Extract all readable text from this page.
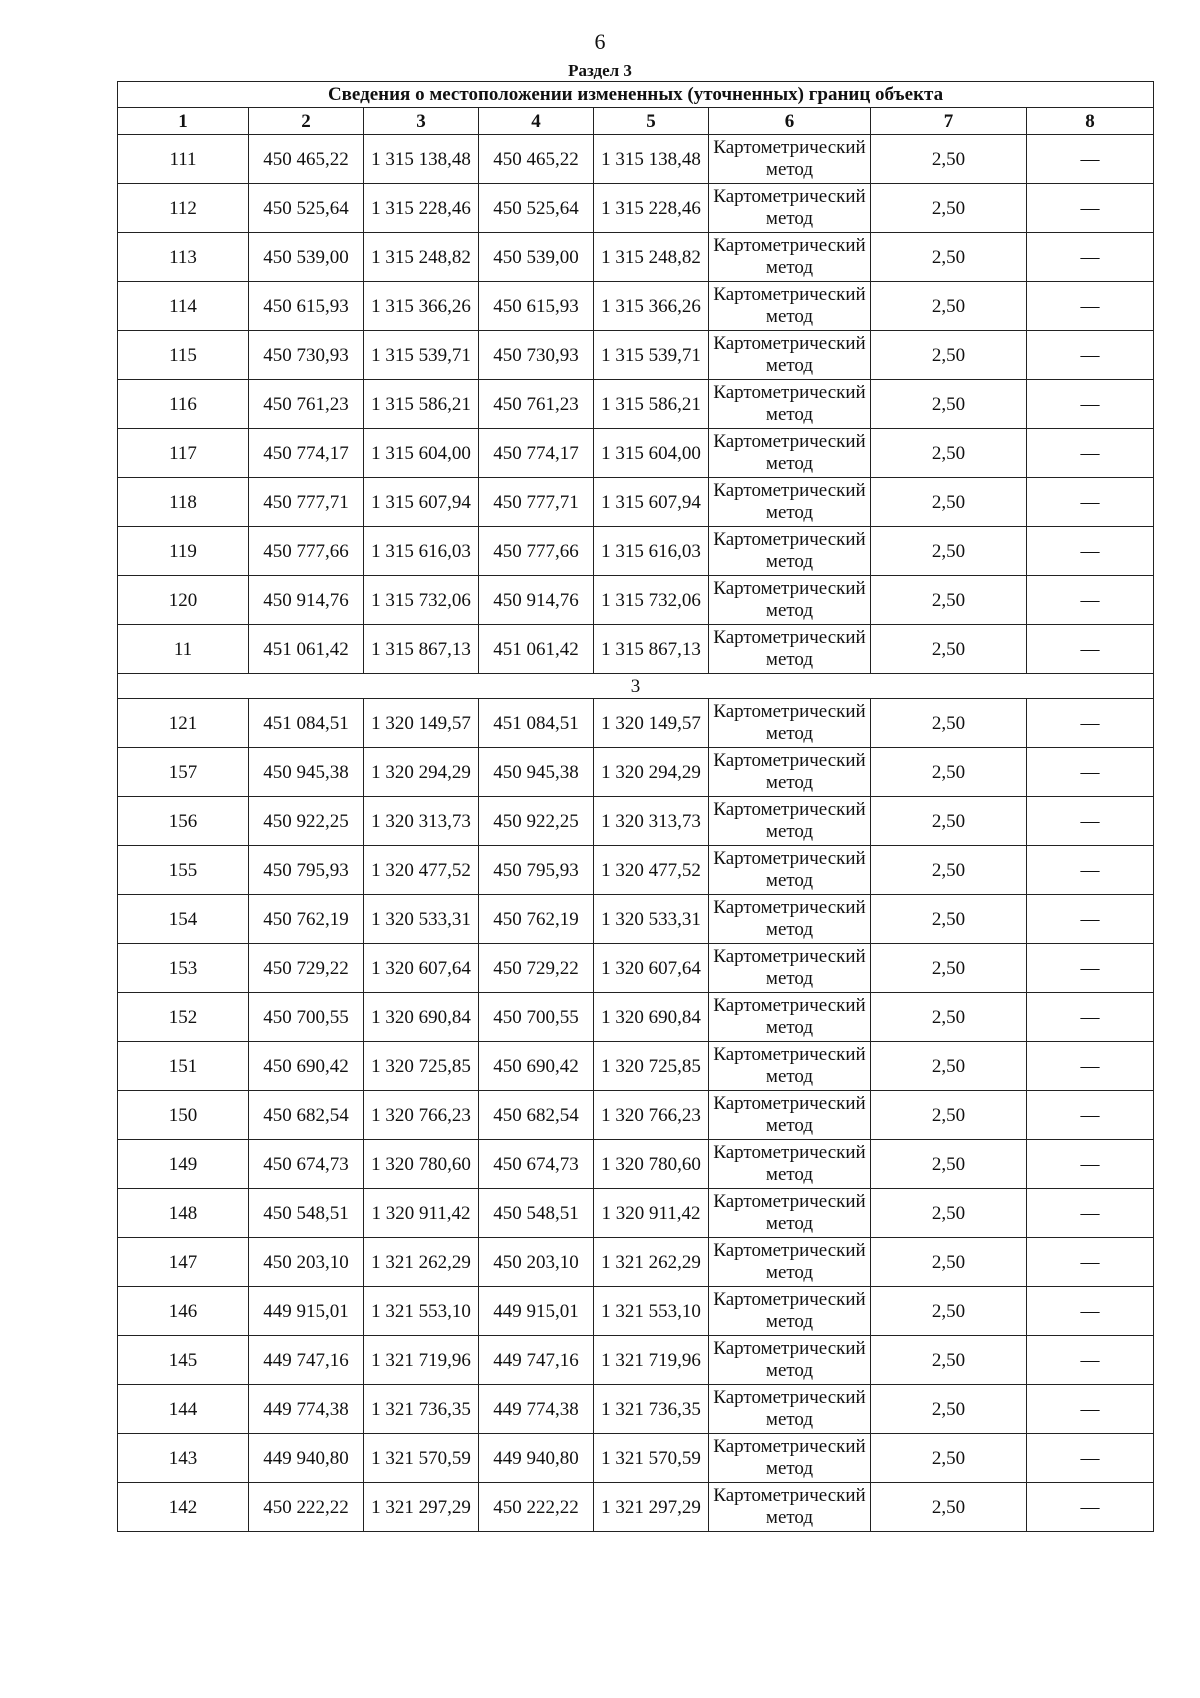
6
Раздел 3
Сведения о местоположении измененных (уточненных) границ объекта							
1	2	3	4	5	6	7	8
111	450 465,22	1 315 138,48	450 465,22	1 315 138,48	Картометрический метод	2,50	—
112	450 525,64	1 315 228,46	450 525,64	1 315 228,46	Картометрический метод	2,50	—
113	450 539,00	1 315 248,82	450 539,00	1 315 248,82	Картометрический метод	2,50	—
114	450 615,93	1 315 366,26	450 615,93	1 315 366,26	Картометрический метод	2,50	—
115	450 730,93	1 315 539,71	450 730,93	1 315 539,71	Картометрический метод	2,50	—
116	450 761,23	1 315 586,21	450 761,23	1 315 586,21	Картометрический метод	2,50	—
117	450 774,17	1 315 604,00	450 774,17	1 315 604,00	Картометрический метод	2,50	—
118	450 777,71	1 315 607,94	450 777,71	1 315 607,94	Картометрический метод	2,50	—
119	450 777,66	1 315 616,03	450 777,66	1 315 616,03	Картометрический метод	2,50	—
120	450 914,76	1 315 732,06	450 914,76	1 315 732,06	Картометрический метод	2,50	—
11	451 061,42	1 315 867,13	451 061,42	1 315 867,13	Картометрический метод	2,50	—
3							
121	451 084,51	1 320 149,57	451 084,51	1 320 149,57	Картометрический метод	2,50	—
157	450 945,38	1 320 294,29	450 945,38	1 320 294,29	Картометрический метод	2,50	—
156	450 922,25	1 320 313,73	450 922,25	1 320 313,73	Картометрический метод	2,50	—
155	450 795,93	1 320 477,52	450 795,93	1 320 477,52	Картометрический метод	2,50	—
154	450 762,19	1 320 533,31	450 762,19	1 320 533,31	Картометрический метод	2,50	—
153	450 729,22	1 320 607,64	450 729,22	1 320 607,64	Картометрический метод	2,50	—
152	450 700,55	1 320 690,84	450 700,55	1 320 690,84	Картометрический метод	2,50	—
151	450 690,42	1 320 725,85	450 690,42	1 320 725,85	Картометрический метод	2,50	—
150	450 682,54	1 320 766,23	450 682,54	1 320 766,23	Картометрический метод	2,50	—
149	450 674,73	1 320 780,60	450 674,73	1 320 780,60	Картометрический метод	2,50	—
148	450 548,51	1 320 911,42	450 548,51	1 320 911,42	Картометрический метод	2,50	—
147	450 203,10	1 321 262,29	450 203,10	1 321 262,29	Картометрический метод	2,50	—
146	449 915,01	1 321 553,10	449 915,01	1 321 553,10	Картометрический метод	2,50	—
145	449 747,16	1 321 719,96	449 747,16	1 321 719,96	Картометрический метод	2,50	—
144	449 774,38	1 321 736,35	449 774,38	1 321 736,35	Картометрический метод	2,50	—
143	449 940,80	1 321 570,59	449 940,80	1 321 570,59	Картометрический метод	2,50	—
142	450 222,22	1 321 297,29	450 222,22	1 321 297,29	Картометрический метод	2,50	—
